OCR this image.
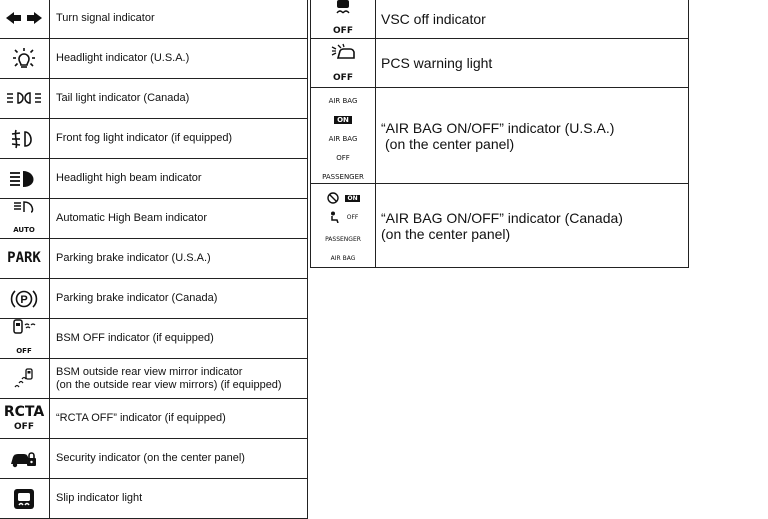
	Turn signal indicator
	Headlight indicator (U.S.A.)
	Tail light indicator (Canada)
	Front fog light indicator (if equipped)
	Headlight high beam indicator

AUTO	Automatic High Beam indicator
PARK	Parking brake indicator (U.S.A.)

P	Parking brake indicator (Canada)

OFF	BSM OFF indicator (if equipped)
	BSM outside rear view mirror indicator
(on the outside rear view mirrors) (if equipped)
RCTA
OFF	“RCTA OFF” indicator (if equipped)
	Security indicator (on the center panel)
	Slip indicator light

OFF	VSC off indicator

OFF	PCS warning light
AIR BAG
ON
AIR BAG
OFF
PASSENGER	“AIR BAG ON/OFF” indicator (U.S.A.)
(on the center panel)
ON
OFF
PASSENGER
AIR BAG	“AIR BAG ON/OFF” indicator (Canada)
(on the center panel)
